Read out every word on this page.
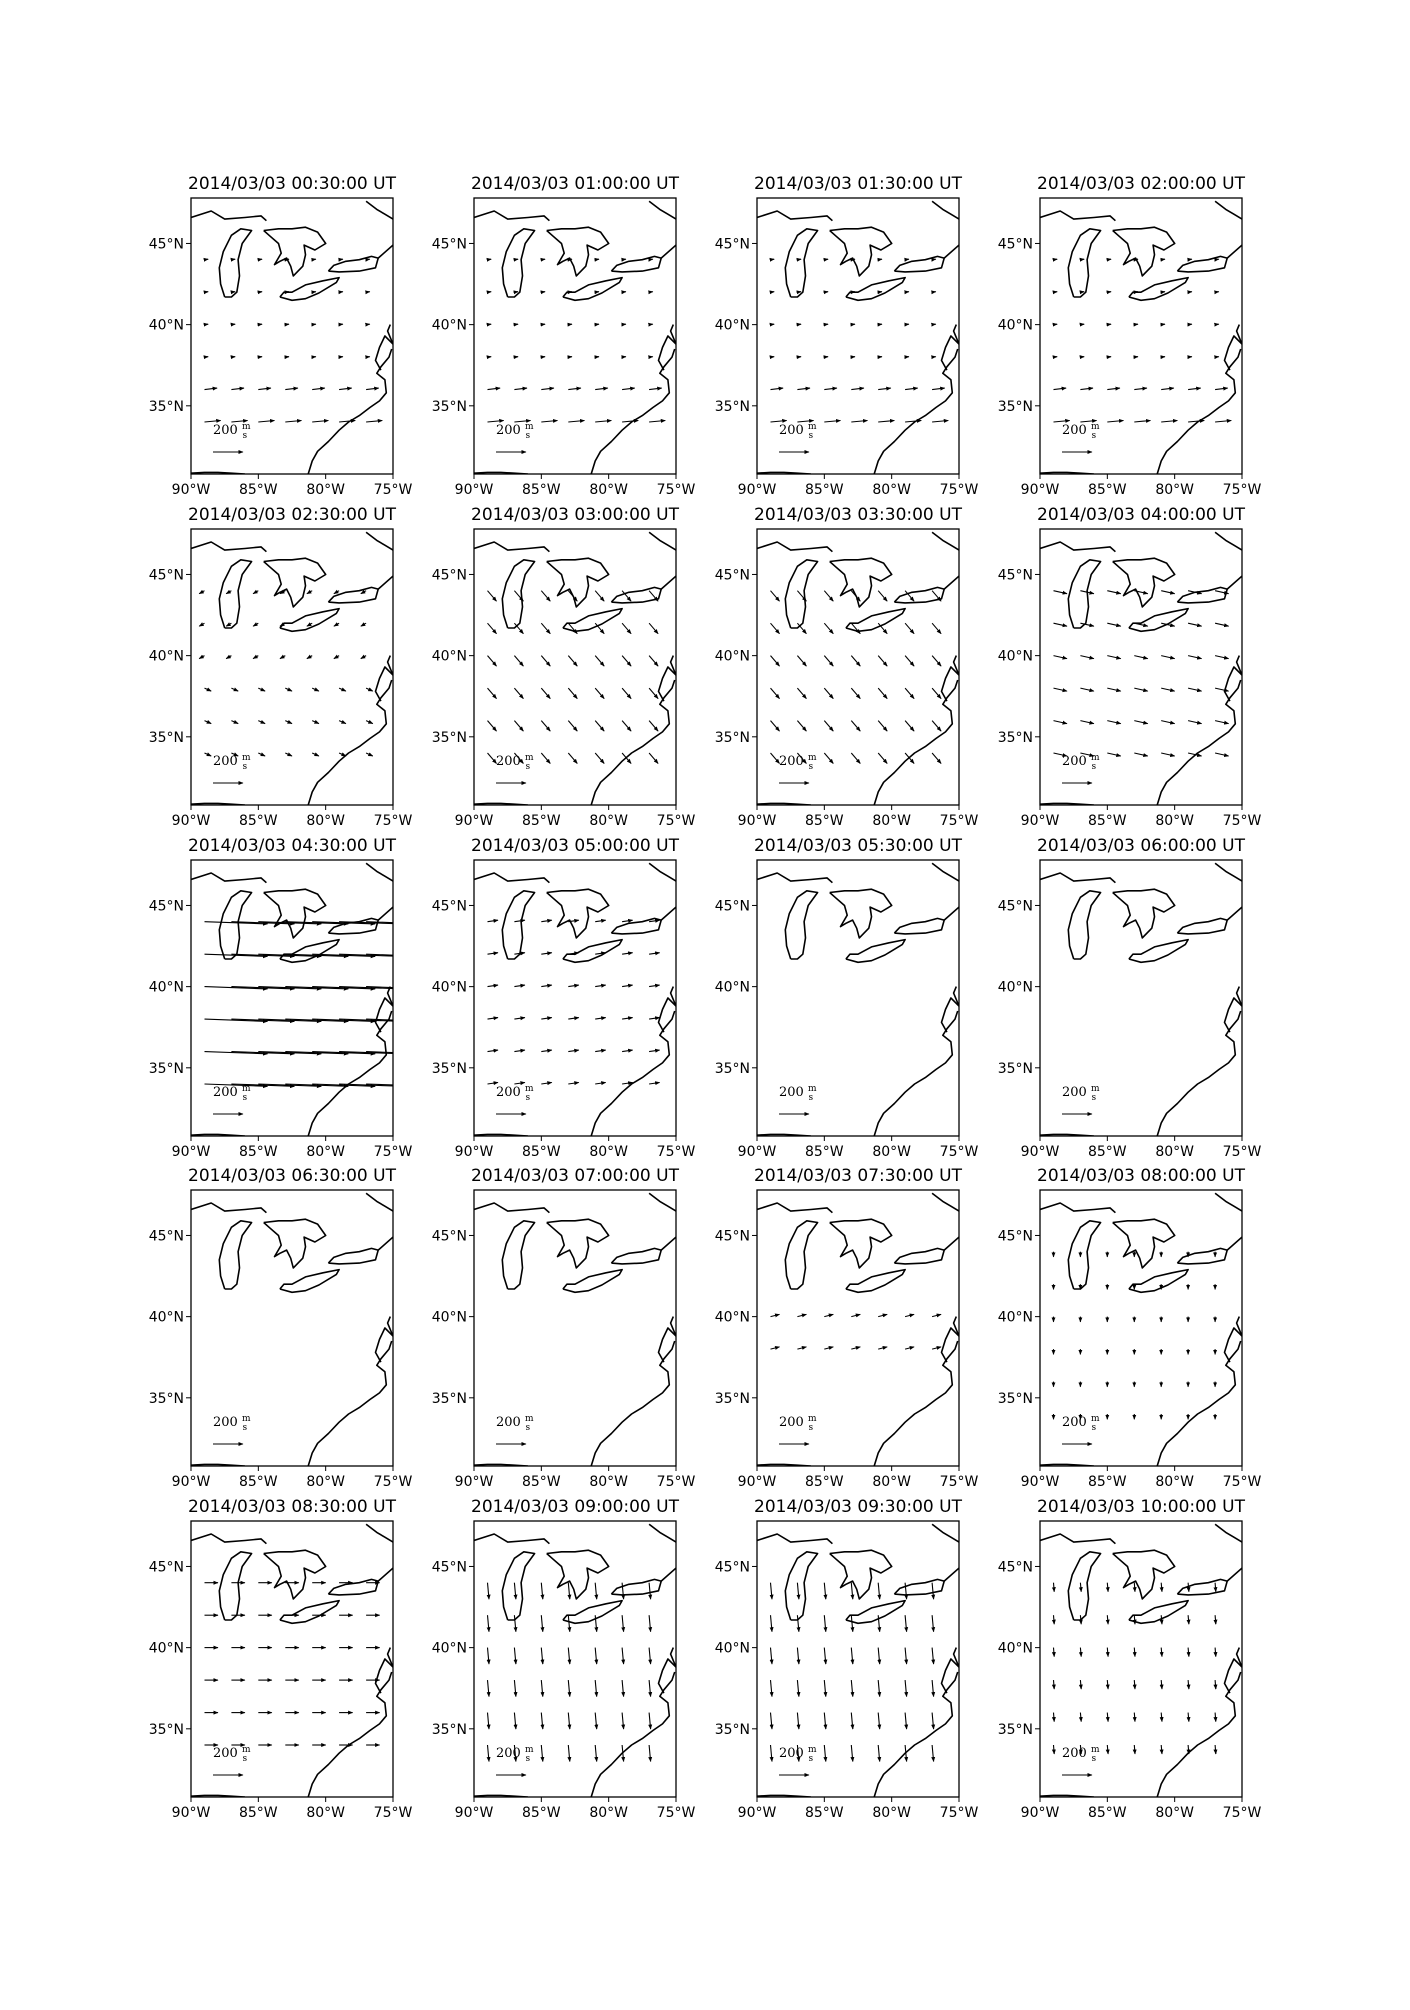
2014/03/03 00:30:00 UT
200 $^m$ s
90°W 85°W 80°W 75°W
45°N
40°N
35°N
2014/03/03 01:00:00 UT
200 $^m$ s
90°W 85°W 80°W 75°W
45°N
40°N
35°N
2014/03/03 01:30:00 UT
200 $^m$ s
90°W 85°W 80°W 75°W
45°N
40°N
35°N
2014/03/03 02:00:00 UT
200 $^m$ s
90°W 85°W 80°W 75°W
45°N
40°N
35°N
2014/03/03 02:30:00 UT
200 $^m$ s
90°W 85°W 80°W 75°W
45°N
40°N
35°N
2014/03/03 03:00:00 UT
200 $^m$ s
90°W 85°W 80°W 75°W
45°N
40°N
35°N
2014/03/03 03:30:00 UT
200 $^m$ s
90°W 85°W 80°W 75°W
45°N
40°N
35°N
2014/03/03 04:00:00 UT
200 $^m$ s
90°W 85°W 80°W 75°W
45°N
40°N
35°N
2014/03/03 04:30:00 UT
200 $^m$ s
90°W 85°W 80°W 75°W
45°N
40°N
35°N
2014/03/03 05:00:00 UT
200 $^m$ s
90°W 85°W 80°W 75°W
45°N
40°N
35°N
2014/03/03 05:30:00 UT
200 $^m$ s
90°W 85°W 80°W 75°W
45°N
40°N
35°N
2014/03/03 06:00:00 UT
200 $^m$ s
90°W 85°W 80°W 75°W
45°N
40°N
35°N
2014/03/03 06:30:00 UT
200 $^m$ s
90°W 85°W 80°W 75°W
45°N
40°N
35°N
2014/03/03 07:00:00 UT
200 $^m$ s
90°W 85°W 80°W 75°W
45°N
40°N
35°N
2014/03/03 07:30:00 UT
200 $^m$ s
90°W 85°W 80°W 75°W
45°N
40°N
35°N
2014/03/03 08:00:00 UT
200 $^m$ s
90°W 85°W 80°W 75°W
45°N
40°N
35°N
2014/03/03 08:30:00 UT
200 $^m$ s
90°W 85°W 80°W 75°W
45°N
40°N
35°N
2014/03/03 09:00:00 UT
200 $^m$ s
90°W 85°W 80°W 75°W
45°N
40°N
35°N
2014/03/03 09:30:00 UT
200 $^m$ s
90°W 85°W 80°W 75°W
45°N
40°N
35°N
2014/03/03 10:00:00 UT
200 $^m$ s
90°W 85°W 80°W 75°W
45°N
40°N
35°N
